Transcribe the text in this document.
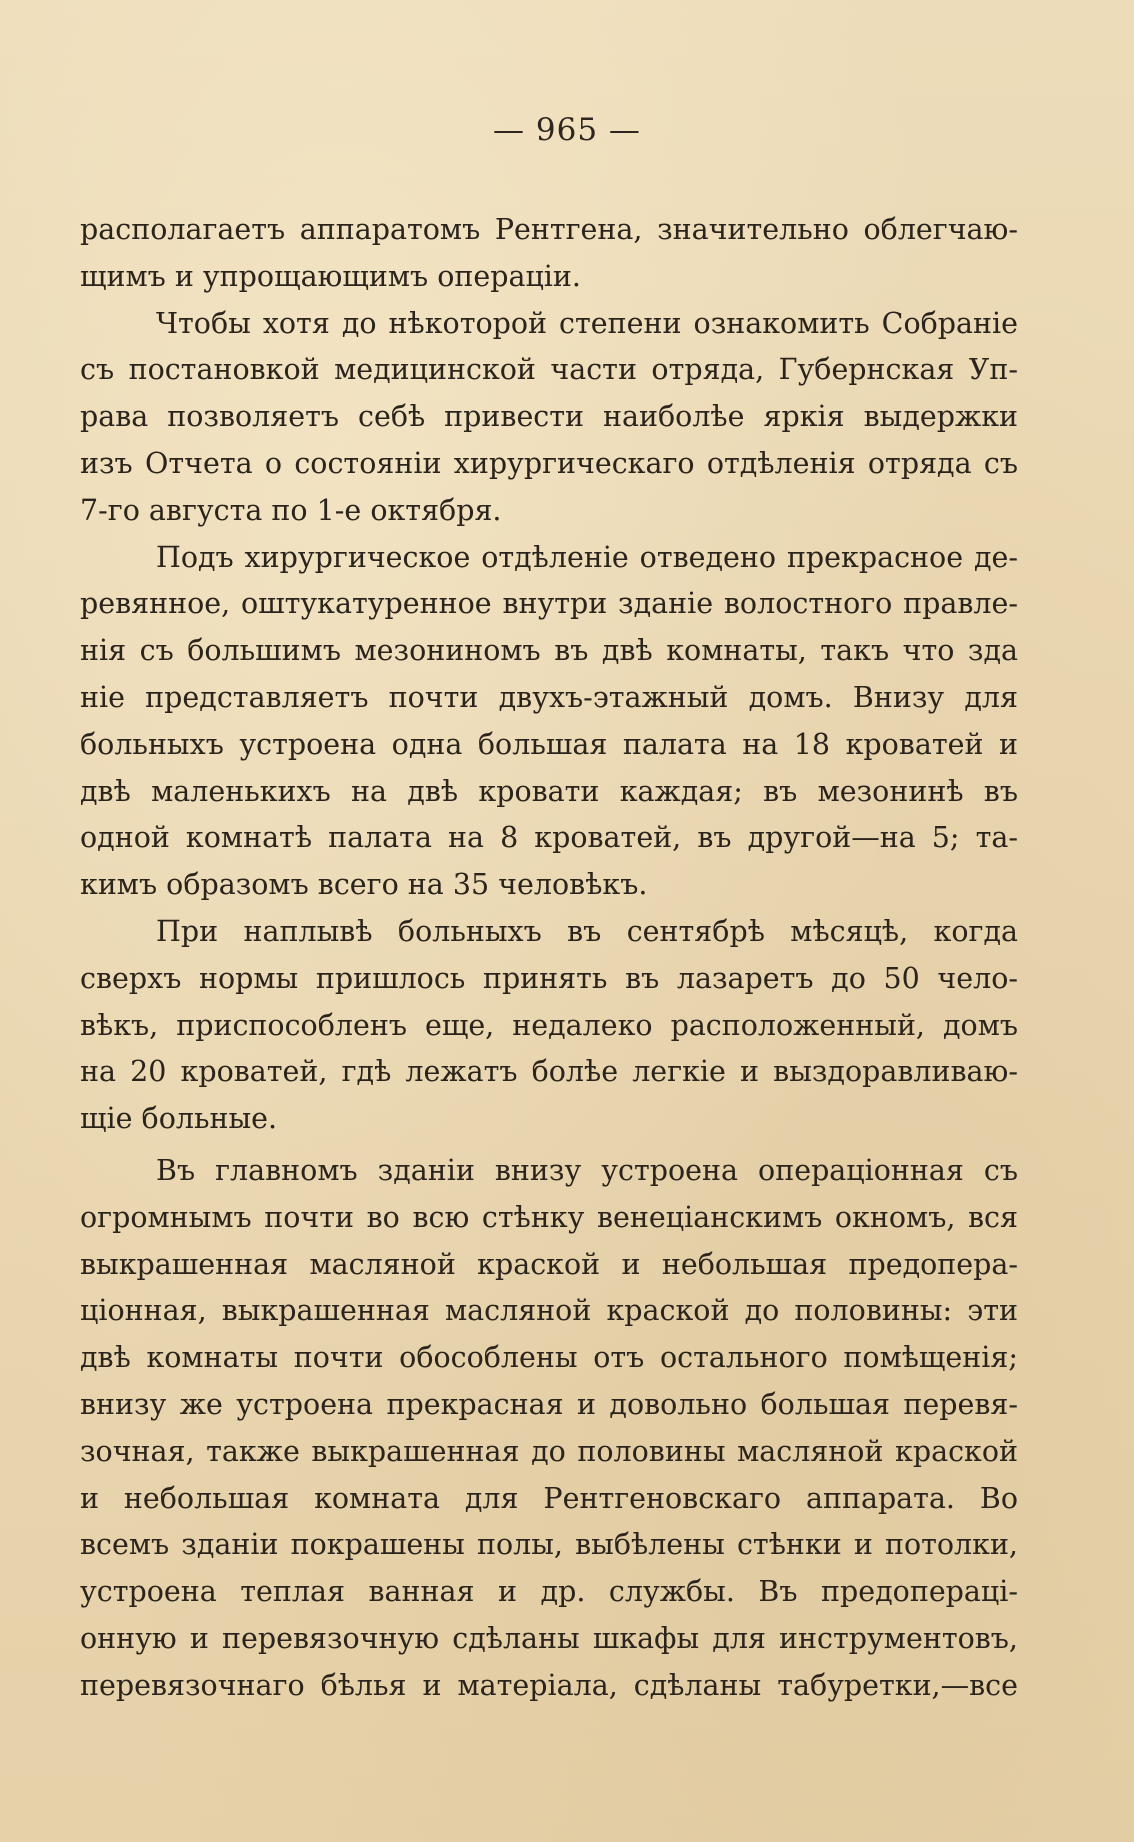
— 965 —
располагаетъ аппаратомъ Рентгена, значительно облегчаю-
щимъ и упрощающимъ операціи.
Чтобы хотя до нѣкоторой степени ознакомить Собраніе
съ постановкой медицинской части отряда, Губернская Уп-
рава позволяетъ себѣ привести наиболѣе яркія выдержки
изъ Отчета о состояніи хирургическаго отдѣленія отряда съ
7-го августа по 1-е октября.
Подъ хирургическое отдѣленіе отведено прекрасное де-
ревянное, оштукатуренное внутри зданіе волостного правле-
нія съ большимъ мезониномъ въ двѣ комнаты, такъ что зда
ніе представляетъ почти двухъ-этажный домъ. Внизу для
больныхъ устроена одна большая палата на 18 кроватей и
двѣ маленькихъ на двѣ кровати каждая; въ мезонинѣ въ
одной комнатѣ палата на 8 кроватей, въ другой—на 5; та-
кимъ образомъ всего на 35 человѣкъ.
При наплывѣ больныхъ въ сентябрѣ мѣсяцѣ, когда
сверхъ нормы пришлось принять въ лазаретъ до 50 чело-
вѣкъ, приспособленъ еще, недалеко расположенный, домъ
на 20 кроватей, гдѣ лежатъ болѣе легкіе и выздоравливаю-
щіе больные.
Въ главномъ зданіи внизу устроена операціонная съ
огромнымъ почти во всю стѣнку венеціанскимъ окномъ, вся
выкрашенная масляной краской и небольшая предопера-
ціонная, выкрашенная масляной краской до половины: эти
двѣ комнаты почти обособлены отъ остального помѣщенія;
внизу же устроена прекрасная и довольно большая перевя-
зочная, также выкрашенная до половины масляной краской
и небольшая комната для Рентгеновскаго аппарата. Во
всемъ зданіи покрашены полы, выбѣлены стѣнки и потолки,
устроена теплая ванная и др. службы. Въ предопераці-
онную и перевязочную сдѣланы шкафы для инструментовъ,
перевязочнаго бѣлья и матеріала, сдѣланы табуретки,—все
